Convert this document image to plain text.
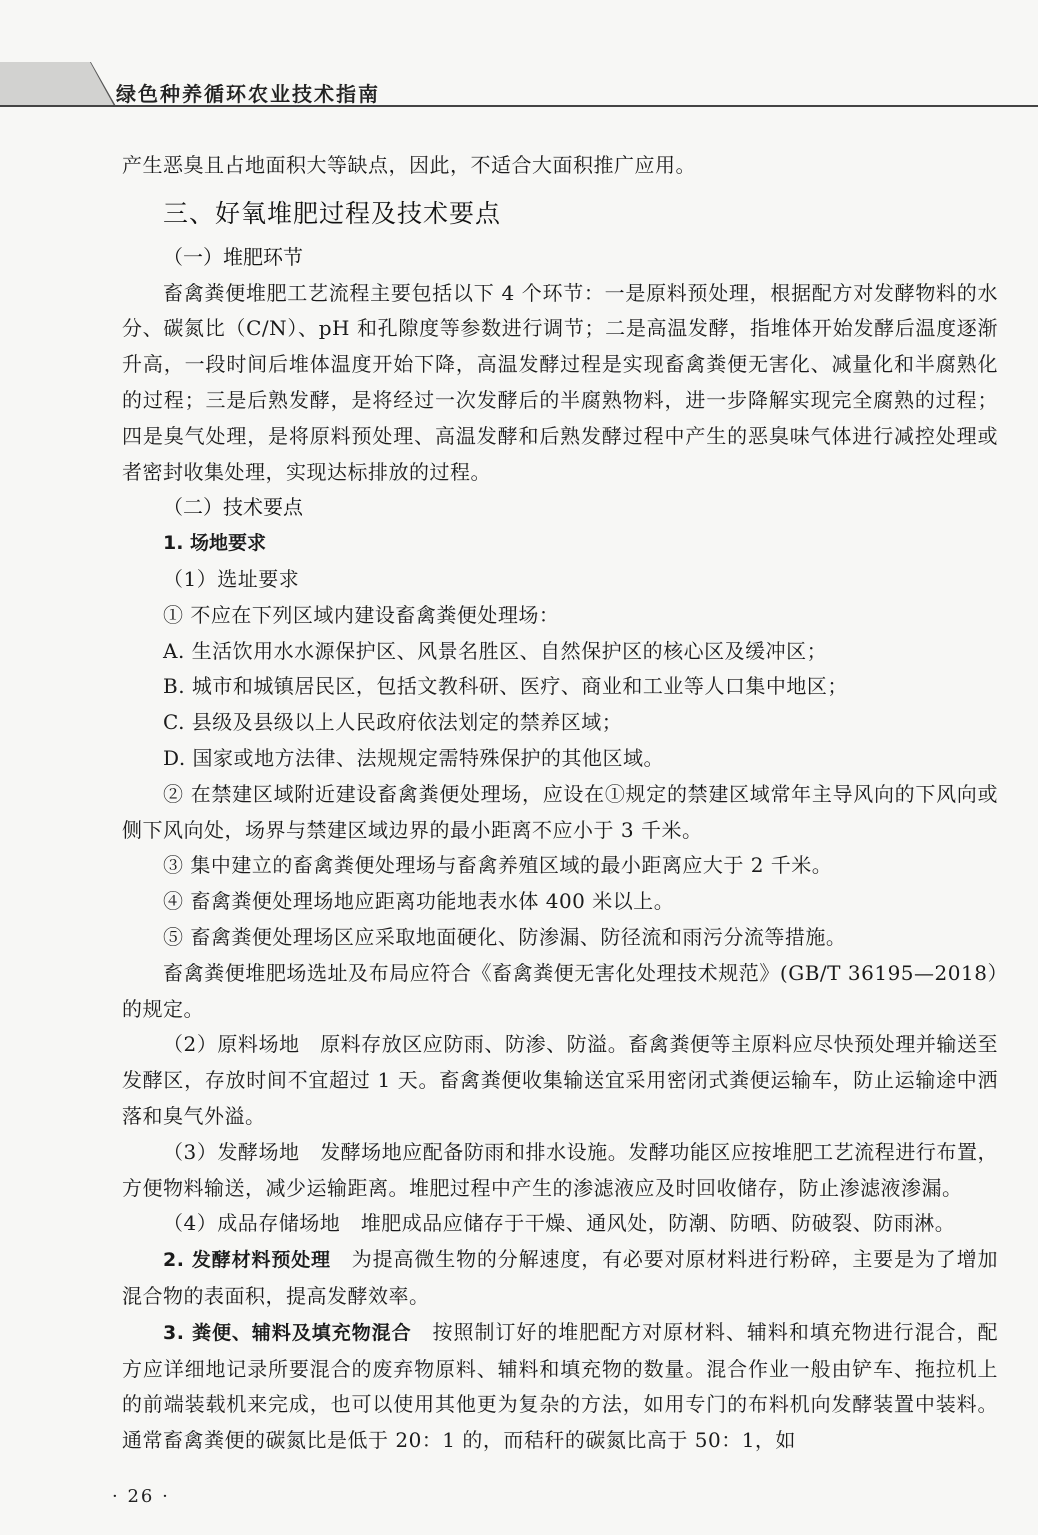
绿色种养循环农业技术指南

产生恶臭且占地面积大等缺点，因此，不适合大面积推广应用。

三、好氧堆肥过程及技术要点
（一）堆肥环节

畜禽粪便堆肥工艺流程主要包括以下 4 个环节：一是原料预处理，根据配方对发酵物料的水分、碳氮比（C/N）、pH 和孔隙度等参数进行调节；二是高温发酵，指堆体开始发酵后温度逐渐升高，一段时间后堆体温度开始下降，高温发酵过程是实现畜禽粪便无害化、减量化和半腐熟化的过程；三是后熟发酵，是将经过一次发酵后的半腐熟物料，进一步降解实现完全腐熟的过程；四是臭气处理，是将原料预处理、高温发酵和后熟发酵过程中产生的恶臭味气体进行减控处理或者密封收集处理，实现达标排放的过程。

（二）技术要点
1. 场地要求

（1）选址要求

① 不应在下列区域内建设畜禽粪便处理场：

A. 生活饮用水水源保护区、风景名胜区、自然保护区的核心区及缓冲区；

B. 城市和城镇居民区，包括文教科研、医疗、商业和工业等人口集中地区；

C. 县级及县级以上人民政府依法划定的禁养区域；

D. 国家或地方法律、法规规定需特殊保护的其他区域。

② 在禁建区域附近建设畜禽粪便处理场，应设在①规定的禁建区域常年主导风向的下风向或侧下风向处，场界与禁建区域边界的最小距离不应小于 3 千米。

③ 集中建立的畜禽粪便处理场与畜禽养殖区域的最小距离应大于 2 千米。

④ 畜禽粪便处理场地应距离功能地表水体 400 米以上。

⑤ 畜禽粪便处理场区应采取地面硬化、防渗漏、防径流和雨污分流等措施。

畜禽粪便堆肥场选址及布局应符合《畜禽粪便无害化处理技术规范》(GB/T 36195—2018）的规定。

（2）原料场地　原料存放区应防雨、防渗、防溢。畜禽粪便等主原料应尽快预处理并输送至发酵区，存放时间不宜超过 1 天。畜禽粪便收集输送宜采用密闭式粪便运输车，防止运输途中洒落和臭气外溢。

（3）发酵场地　发酵场地应配备防雨和排水设施。发酵功能区应按堆肥工艺流程进行布置，方便物料输送，减少运输距离。堆肥过程中产生的渗滤液应及时回收储存，防止渗滤液渗漏。

（4）成品存储场地　堆肥成品应储存于干燥、通风处，防潮、防晒、防破裂、防雨淋。

2. 发酵材料预处理　为提高微生物的分解速度，有必要对原材料进行粉碎，主要是为了增加混合物的表面积，提高发酵效率。

3. 粪便、辅料及填充物混合　按照制订好的堆肥配方对原材料、辅料和填充物进行混合，配方应详细地记录所要混合的废弃物原料、辅料和填充物的数量。混合作业一般由铲车、拖拉机上的前端装载机来完成，也可以使用其他更为复杂的方法，如用专门的布料机向发酵装置中装料。通常畜禽粪便的碳氮比是低于 20：1 的，而秸秆的碳氮比高于 50：1，如

· 26 ·
